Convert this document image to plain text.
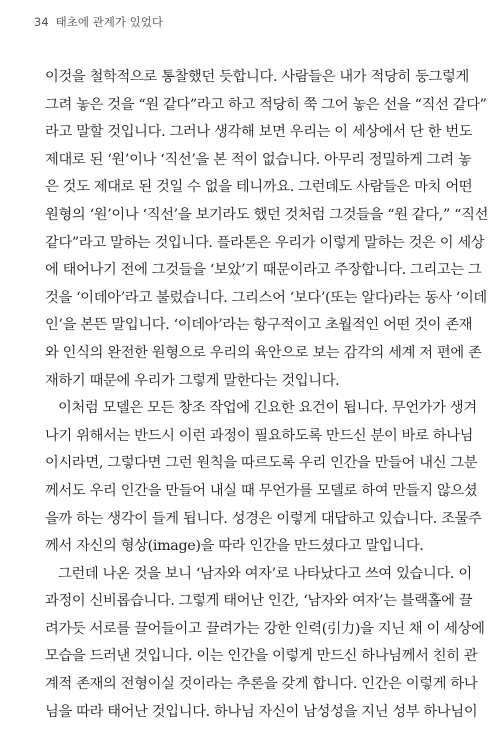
34 태초에 관계가 있었다
이것을 철학적으로 통찰했던 듯합니다. 사람들은 내가 적당히 둥그렇게
그려 놓은 것을 “원 같다”라고 하고 적당히 쭉 그어 놓은 선을 “직선 같다”
라고 말할 것입니다. 그러나 생각해 보면 우리는 이 세상에서 단 한 번도
제대로 된 ‘원’이나 ‘직선’을 본 적이 없습니다. 아무리 정밀하게 그려 놓
은 것도 제대로 된 것일 수 없을 테니까요. 그런데도 사람들은 마치 어떤
원형의 ‘원’이나 ‘직선’을 보기라도 했던 것처럼 그것들을 “원 같다,” “직선
같다”라고 말하는 것입니다. 플라톤은 우리가 이렇게 말하는 것은 이 세상
에 태어나기 전에 그것들을 ‘보았’기 때문이라고 주장합니다. 그리고는 그
것을 ‘이데아’라고 불렀습니다. 그리스어 ‘보다’(또는 알다)라는 동사 ‘이데
인’을 본뜬 말입니다. ‘이데아’라는 항구적이고 초월적인 어떤 것이 존재
와 인식의 완전한 원형으로 우리의 육안으로 보는 감각의 세계 저 편에 존
재하기 때문에 우리가 그렇게 말한다는 것입니다.
이처럼 모델은 모든 창조 작업에 긴요한 요건이 됩니다. 무언가가 생겨
나기 위해서는 반드시 이런 과정이 필요하도록 만드신 분이 바로 하나님
이시라면, 그렇다면 그런 원칙을 따르도록 우리 인간을 만들어 내신 그분
께서도 우리 인간을 만들어 내실 때 무언가를 모델로 하여 만들지 않으셨
을까 하는 생각이 들게 됩니다. 성경은 이렇게 대답하고 있습니다. 조물주
께서 자신의 형상(image)을 따라 인간을 만드셨다고 말입니다.
그런데 나온 것을 보니 ‘남자와 여자’로 나타났다고 쓰여 있습니다. 이
과정이 신비롭습니다. 그렇게 태어난 인간, ‘남자와 여자’는 블랙홀에 끌
려가듯 서로를 끌어들이고 끌려가는 강한 인력(引力)을 지닌 채 이 세상에
모습을 드러낸 것입니다. 이는 인간을 이렇게 만드신 하나님께서 친히 관
계적 존재의 전형이실 것이라는 추론을 갖게 합니다. 인간은 이렇게 하나
님을 따라 태어난 것입니다. 하나님 자신이 남성성을 지닌 성부 하나님이
